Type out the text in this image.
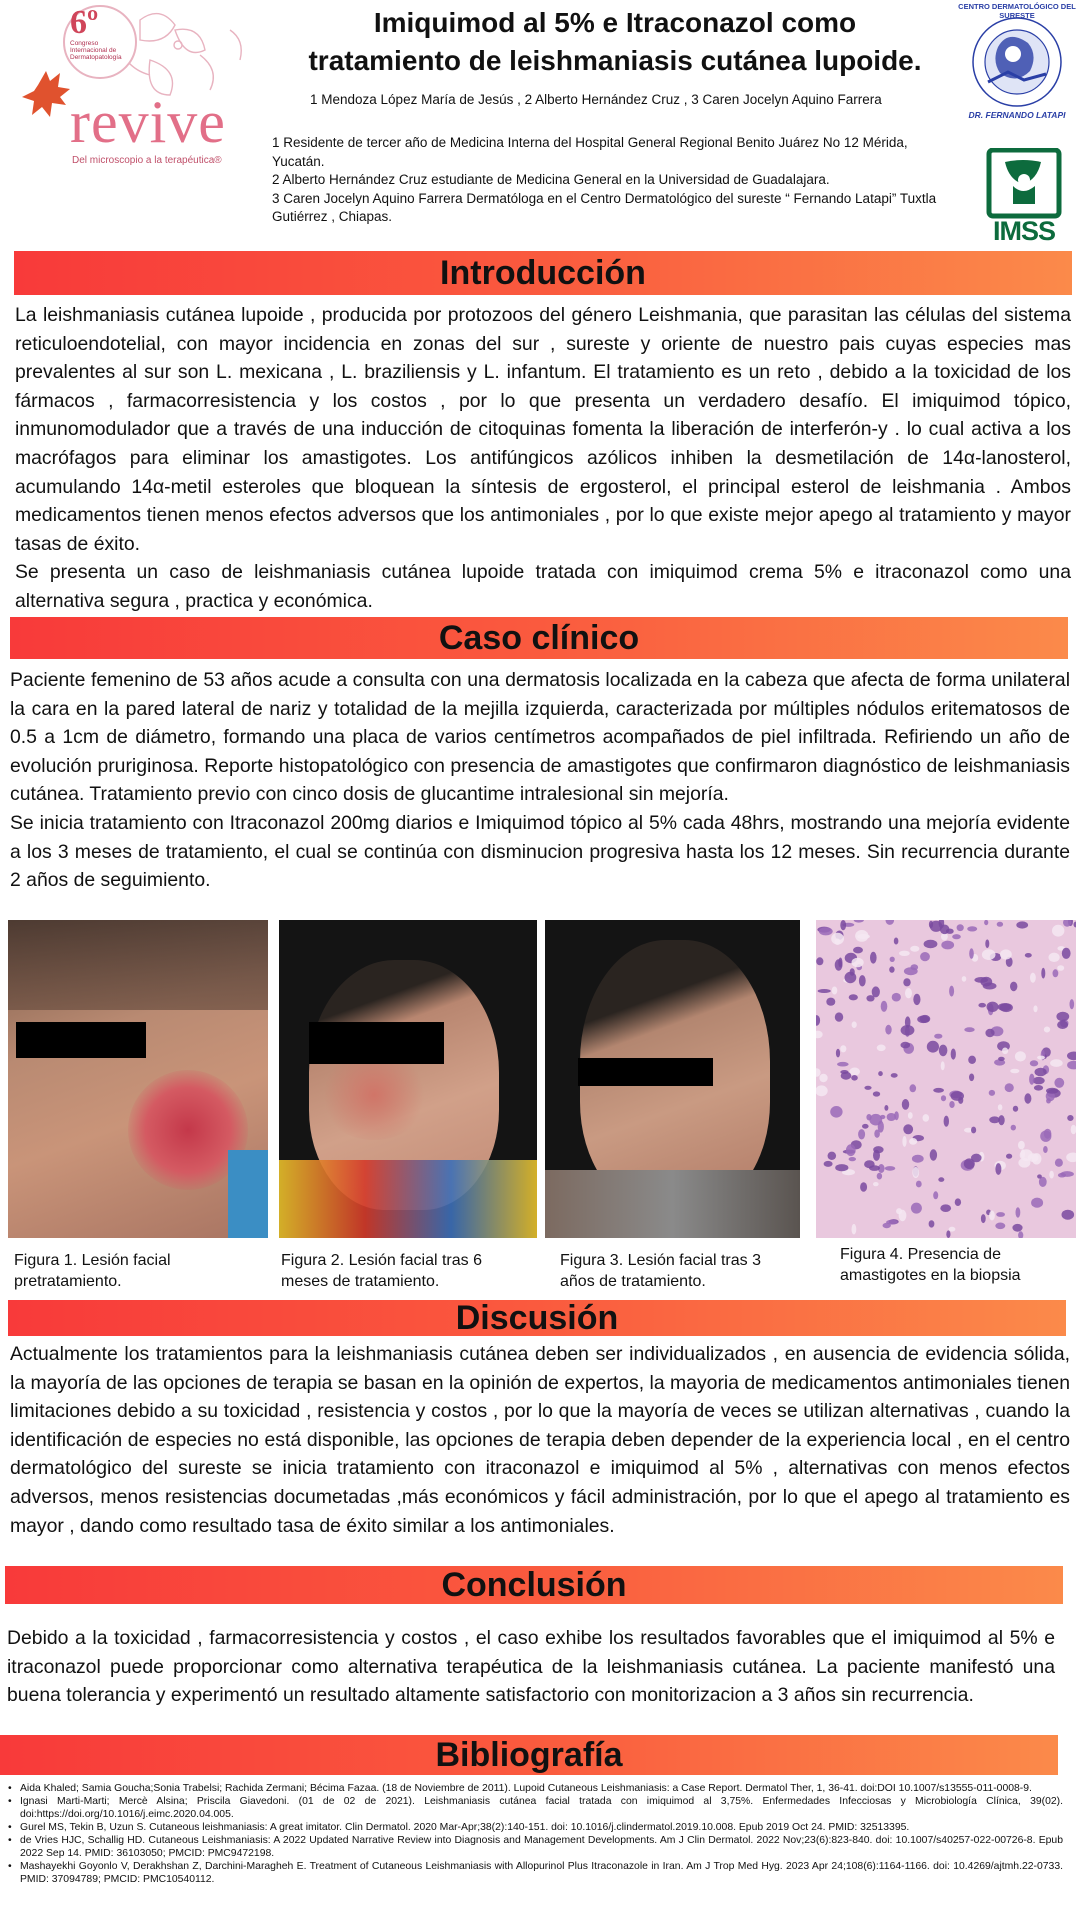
6º
Congreso
Internacional de
Dermatopatología
revive
Del microscopio a la terapéutica®
CENTRO DERMATOLÓGICO DEL SURESTE
DR. FERNANDO LATAPI
IMSS
Imiquimod al 5% e Itraconazol como
tratamiento de leishmaniasis cutánea lupoide.
1 Mendoza López María de Jesús , 2 Alberto Hernández Cruz , 3 Caren Jocelyn Aquino Farrera
1 Residente de tercer año de Medicina Interna del Hospital General Regional Benito Juárez No 12 Mérida, Yucatán.
2 Alberto Hernández Cruz estudiante de Medicina General en la Universidad de Guadalajara.
3 Caren Jocelyn Aquino Farrera Dermatóloga en el Centro Dermatológico del sureste “ Fernando Latapi” Tuxtla Gutiérrez , Chiapas.
Introducción

La leishmaniasis cutánea lupoide , producida por protozoos del género Leishmania, que parasitan las células del sistema reticuloendotelial, con mayor incidencia en zonas del sur , sureste y oriente de nuestro pais cuyas especies mas prevalentes al sur son L. mexicana , L. braziliensis y L. infantum. El tratamiento es un reto , debido a la toxicidad de los fármacos , farmacorresistencia y los costos , por lo que presenta un verdadero desafío. El imiquimod tópico, inmunomodulador que a través de una inducción de citoquinas fomenta la liberación de interferón-y . lo cual activa a los macrófagos para eliminar los amastigotes. Los antifúngicos azólicos inhiben la desmetilación de 14α-lanosterol, acumulando 14α-metil esteroles que bloquean la síntesis de ergosterol, el principal esterol de leishmania . Ambos medicamentos tienen menos efectos adversos que los antimoniales , por lo que existe mejor apego al tratamiento y mayor tasas de éxito.

Se presenta un caso de leishmaniasis cutánea lupoide tratada con imiquimod crema 5% e itraconazol como una alternativa segura , practica y económica.

Caso clínico

Paciente femenino de 53 años acude a consulta con una dermatosis localizada en la cabeza que afecta de forma unilateral la cara en la pared lateral de nariz y totalidad de la mejilla izquierda, caracterizada por múltiples nódulos eritematosos de 0.5 a 1cm de diámetro, formando una placa de varios centímetros acompañados de piel infiltrada. Refiriendo un año de evolución pruriginosa. Reporte histopatológico con presencia de amastigotes que confirmaron diagnóstico de leishmaniasis cutánea. Tratamiento previo con cinco dosis de glucantime intralesional sin mejoría.

Se inicia tratamiento con Itraconazol 200mg diarios e Imiquimod tópico al 5% cada 48hrs, mostrando una mejoría evidente a los 3 meses de tratamiento, el cual se continúa con disminucion progresiva hasta los 12 meses. Sin recurrencia durante 2 años de seguimiento.

Figura 1. Lesión facial pretratamiento.
Figura 2. Lesión facial tras 6 meses de tratamiento.
Figura 3. Lesión facial tras 3 años de tratamiento.
Figura 4. Presencia de amastigotes en la biopsia
Discusión

Actualmente los tratamientos para la leishmaniasis cutánea deben ser individualizados , en ausencia de evidencia sólida, la mayoría de las opciones de terapia se basan en la opinión de expertos, la mayoria de medicamentos antimoniales tienen limitaciones debido a su toxicidad , resistencia y costos , por lo que la mayoría de veces se utilizan alternativas , cuando la identificación de especies no está disponible, las opciones de terapia deben depender de la experiencia local , en el centro dermatológico del sureste se inicia tratamiento con itraconazol e imiquimod al 5% , alternativas con menos efectos adversos, menos resistencias documetadas ,más económicos y fácil administración, por lo que el apego al tratamiento es mayor , dando como resultado tasa de éxito similar a los antimoniales.

Conclusión

Debido a la toxicidad , farmacorresistencia y costos , el caso exhibe los resultados favorables que el imiquimod al 5% e itraconazol puede proporcionar como alternativa terapéutica de la leishmaniasis cutánea. La paciente manifestó una buena tolerancia y experimentó un resultado altamente satisfactorio con monitorizacion a 3 años sin recurrencia.

Bibliografía
• Aida Khaled; Samia Goucha;Sonia Trabelsi; Rachida Zermani; Bécima Fazaa. (18 de Noviembre de 2011). Lupoid Cutaneous Leishmaniasis: a Case Report. Dermatol Ther, 1, 36-41. doi:DOI 10.1007/s13555-011-0008-9.
• Ignasi Marti-Marti; Mercè Alsina; Priscila Giavedoni. (01 de 02 de 2021). Leishmaniasis cutánea facial tratada con imiquimod al 3,75%. Enfermedades Infecciosas y Microbiología Clínica, 39(02). doi:https://doi.org/10.1016/j.eimc.2020.04.005.
• Gurel MS, Tekin B, Uzun S. Cutaneous leishmaniasis: A great imitator. Clin Dermatol. 2020 Mar-Apr;38(2):140-151. doi: 10.1016/j.clindermatol.2019.10.008. Epub 2019 Oct 24. PMID: 32513395.
• de Vries HJC, Schallig HD. Cutaneous Leishmaniasis: A 2022 Updated Narrative Review into Diagnosis and Management Developments. Am J Clin Dermatol. 2022 Nov;23(6):823-840. doi: 10.1007/s40257-022-00726-8. Epub 2022 Sep 14. PMID: 36103050; PMCID: PMC9472198.
• Mashayekhi Goyonlo V, Derakhshan Z, Darchini-Maragheh E. Treatment of Cutaneous Leishmaniasis with Allopurinol Plus Itraconazole in Iran. Am J Trop Med Hyg. 2023 Apr 24;108(6):1164-1166. doi: 10.4269/ajtmh.22-0733. PMID: 37094789; PMCID: PMC10540112.
